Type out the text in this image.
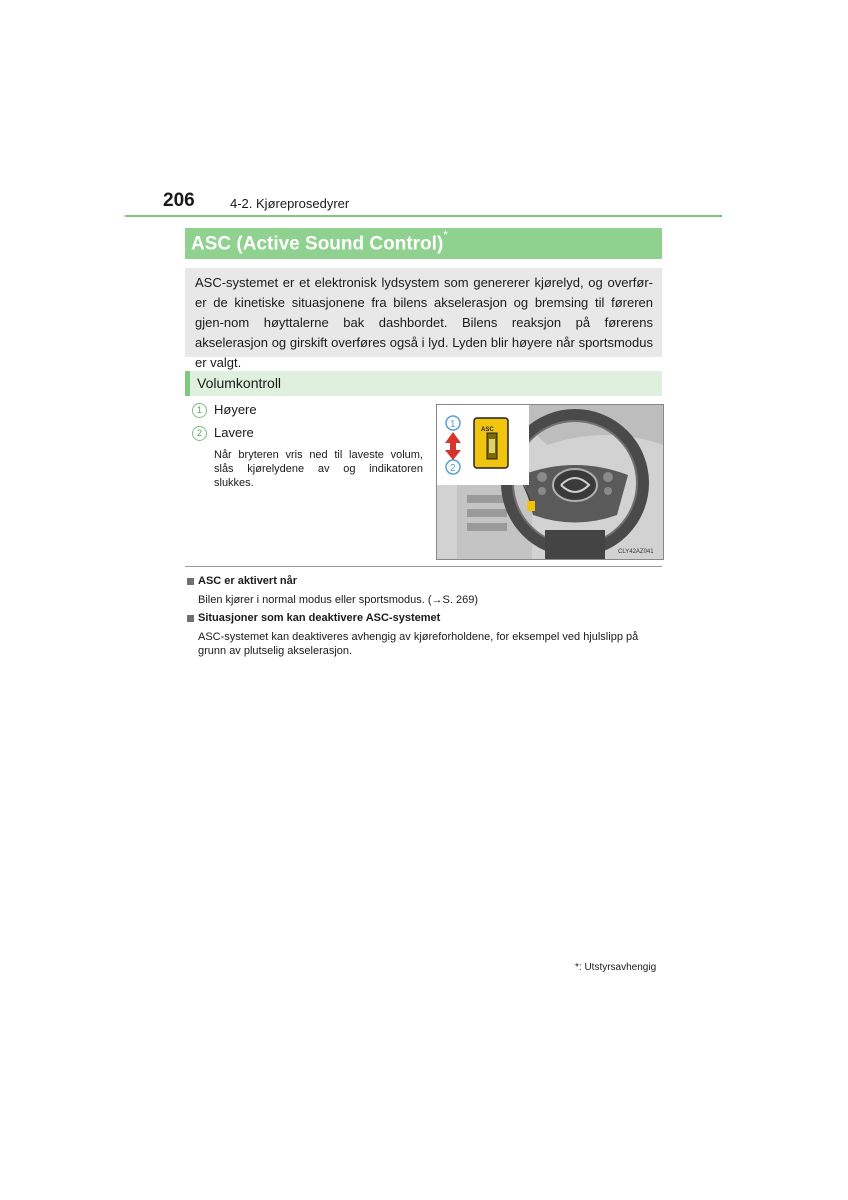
206	4-2. Kjøreprosedyrer
ASC (Active Sound Control)*

ASC-systemet er et elektronisk lydsystem som genererer kjørelyd, og overfør-er de kinetiske situasjonene fra bilens akselerasjon og bremsing til føreren gjen-nom høyttalerne bak dashbordet. Bilens reaksjon på førerens akselerasjon og girskift overføres også i lyd. Lyden blir høyere når sportsmodus er valgt.

Volumkontroll
1 Høyere
2 Lavere

Når bryteren vris ned til laveste volum, slås kjørelydene av og indikatoren slukkes.

ASC
1
2
CLY42AZ041
ASC er aktivert når

Bilen kjører i normal modus eller sportsmodus. (→S. 269)

Situasjoner som kan deaktivere ASC-systemet

ASC-systemet kan deaktiveres avhengig av kjøreforholdene, for eksempel ved hjulslipp på grunn av plutselig akselerasjon.

*: Utstyrsavhengig
